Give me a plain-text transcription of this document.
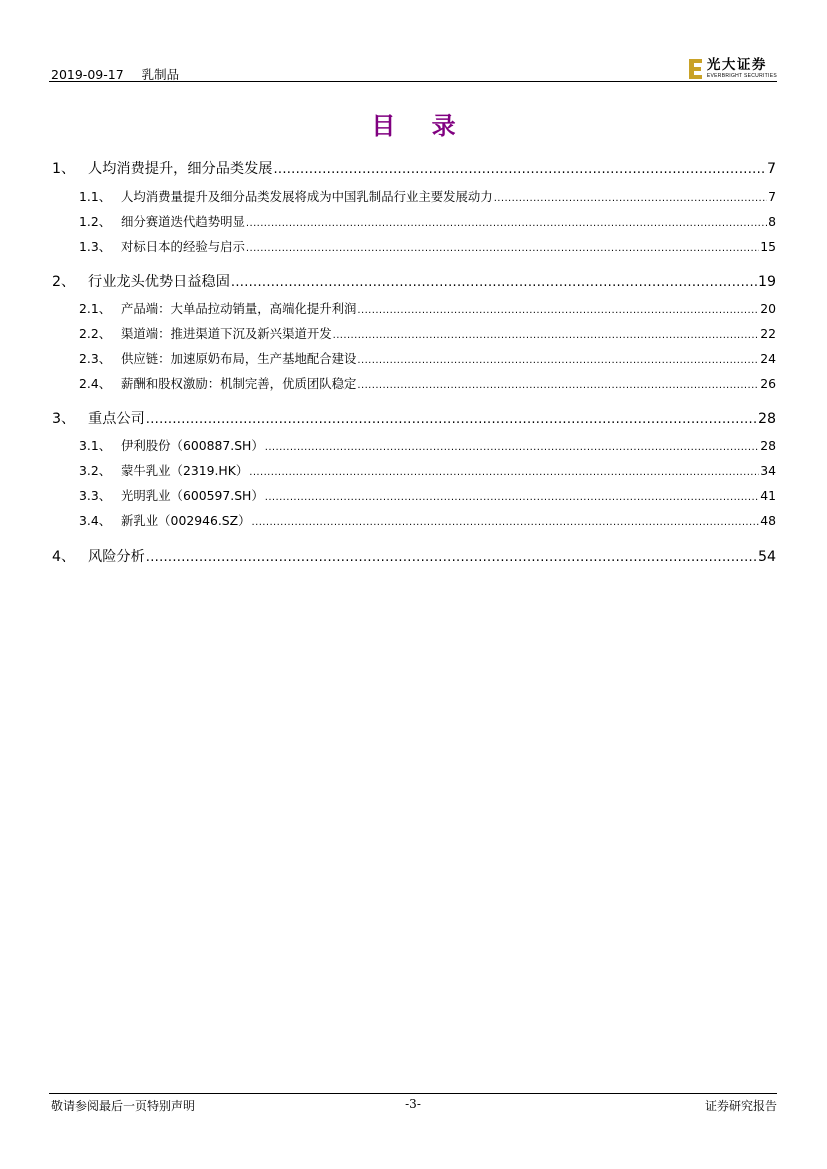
2019-09-17 乳制品
光大证券
EVERBRIGHT SECURITIES
目 录
1、 人均消费提升，细分品类发展 .....	7
1.1、 人均消费量提升及细分品类发展将成为中国乳制品行业主要发展动力 .....	7
1.2、 细分赛道迭代趋势明显 .....	8
1.3、 对标日本的经验与启示 .....	15
2、 行业龙头优势日益稳固 .....	19
2.1、 产品端：大单品拉动销量，高端化提升利润 .....	20
2.2、 渠道端：推进渠道下沉及新兴渠道开发 .....	22
2.3、 供应链：加速原奶布局，生产基地配合建设 .....	24
2.4、 薪酬和股权激励：机制完善，优质团队稳定 .....	26
3、 重点公司 .....	28
3.1、 伊利股份（600887.SH） .....	28
3.2、 蒙牛乳业（2319.HK） .....	34
3.3、 光明乳业（600597.SH） .....	41
3.4、 新乳业（002946.SZ） .....	48
4、 风险分析 .....	54
敬请参阅最后一页特别声明	-3-	证券研究报告
